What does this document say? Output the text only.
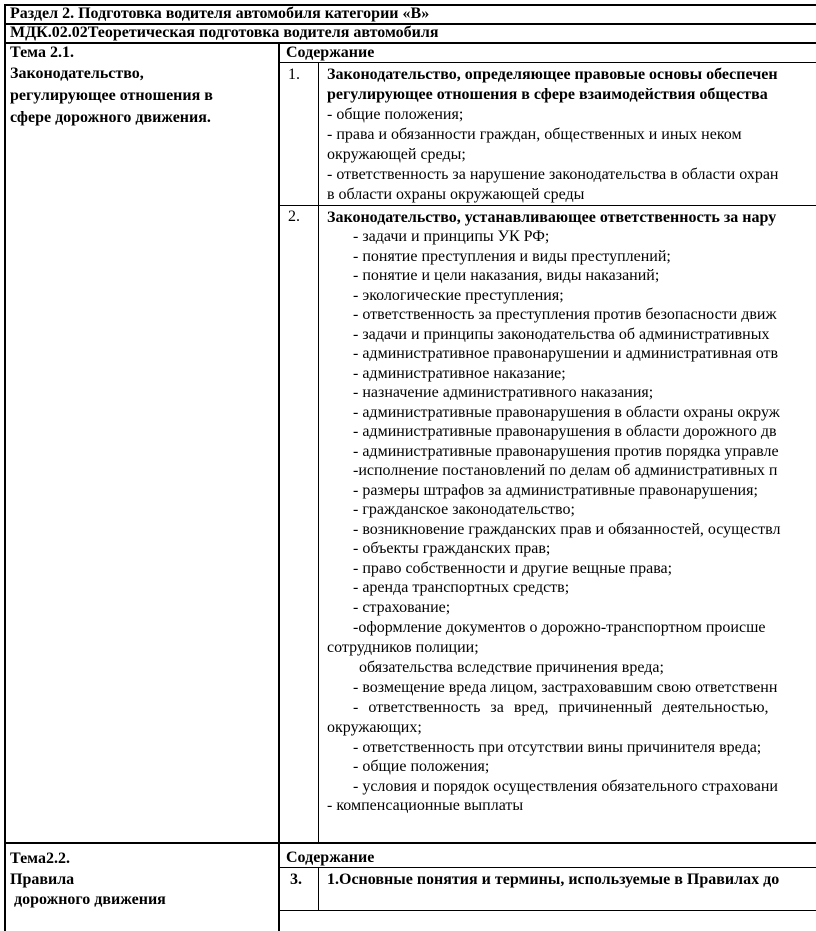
Раздел 2. Подготовка водителя автомобиля категории «В»
МДК.02.02Теоретическая подготовка водителя автомобиля
Тема 2.1.
Законодательство,
регулирующее отношения в
сфере дорожного движения.
Содержание
1.
2.
Законодательство, определяющее правовые основы обеспечен
регулирующее отношения в сфере взаимодействия общества
- общие положения;
- права и обязанности граждан, общественных и иных неком
окружающей среды;
- ответственность за нарушение законодательства в области охран
в области охраны окружающей среды
Законодательство, устанавливающее ответственность за нару
- задачи и принципы УК РФ;
- понятие преступления и виды преступлений;
- понятие и цели наказания, виды наказаний;
- экологические преступления;
- ответственность за преступления против безопасности движ
- задачи и принципы законодательства об административных
- административное правонарушении и административная отв
- административное наказание;
- назначение административного наказания;
- административные правонарушения в области охраны окруж
- административные правонарушения в области дорожного дв
- административные правонарушения против порядка управле
-исполнение постановлений по делам об административных п
- размеры штрафов за административные правонарушения;
- гражданское законодательство;
- возникновение гражданских прав и обязанностей, осуществл
- объекты гражданских прав;
- право собственности и другие вещные права;
- аренда транспортных средств;
- страхование;
-оформление документов о дорожно-транспортном происше
сотрудников полиции;
обязательства вследствие причинения вреда;
- возмещение вреда лицом, застраховавшим свою ответственн
- ответственность за вред, причиненный деятельностью,
окружающих;
- ответственность при отсутствии вины причинителя вреда;
- общие положения;
- условия и порядок осуществления обязательного страховани
- компенсационные выплаты
Тема2.2.
Правила
дорожного движения
Содержание
3. 1.Основные понятия и термины, используемые в Правилах до
